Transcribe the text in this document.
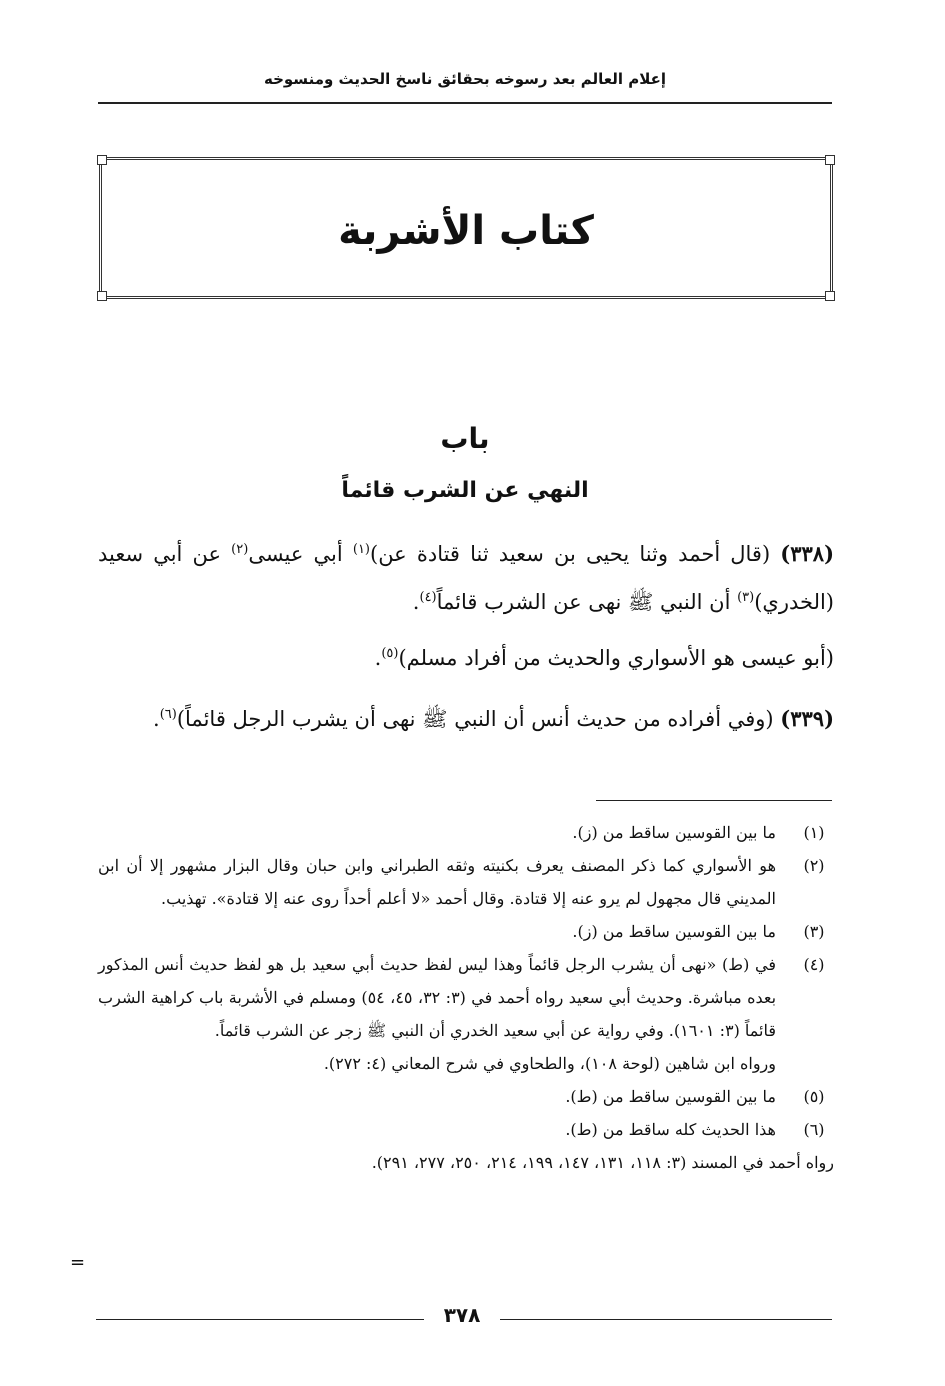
إعلام العالم بعد رسوخه بحقائق ناسخ الحديث ومنسوخه
كتاب الأشربة
باب
النهي عن الشرب قائماً
(٣٣٨) (قال أحمد وثنا يحيى بن سعيد ثنا قتادة عن)$^{(١)}$ أبي عيسى$^{(٢)}$ عن أبي سعيد (الخدري)$^{(٣)}$ أن النبي ﷺ نهى عن الشرب قائماً$^{(٤)}$.
(أبو عيسى هو الأسواري والحديث من أفراد مسلم)$^{(٥)}$.
(٣٣٩) (وفي أفراده من حديث أنس أن النبي ﷺ نهى أن يشرب الرجل قائماً)$^{(٦)}$.
(١)
ما بين القوسين ساقط من (ز).
(٢)
هو الأسواري كما ذكر المصنف يعرف بكنيته وثقه الطبراني وابن حبان وقال البزار مشهور إلا أن ابن المديني قال مجهول لم يرو عنه إلا قتادة. وقال أحمد «لا أعلم أحداً روى عنه إلا قتادة». تهذيب.
(٣)
ما بين القوسين ساقط من (ز).
(٤)
في (ط) «نهى أن يشرب الرجل قائماً وهذا ليس لفظ حديث أبي سعيد بل هو لفظ حديث أنس المذكور بعده مباشرة. وحديث أبي سعيد رواه أحمد في (٣: ٣٢، ٤٥، ٥٤) ومسلم في الأشربة باب كراهية الشرب قائماً (٣: ١٦٠١). وفي رواية عن أبي سعيد الخدري أن النبي ﷺ زجر عن الشرب قائماً.
ورواه ابن شاهين (لوحة ١٠٨)، والطحاوي في شرح المعاني (٤: ٢٧٢).
(٥)
ما بين القوسين ساقط من (ط).
(٦)
هذا الحديث كله ساقط من (ط).
رواه أحمد في المسند (٣: ١١٨، ١٣١، ١٤٧، ١٩٩، ٢١٤، ٢٥٠، ٢٧٧، ٢٩١).
=
٣٧٨
